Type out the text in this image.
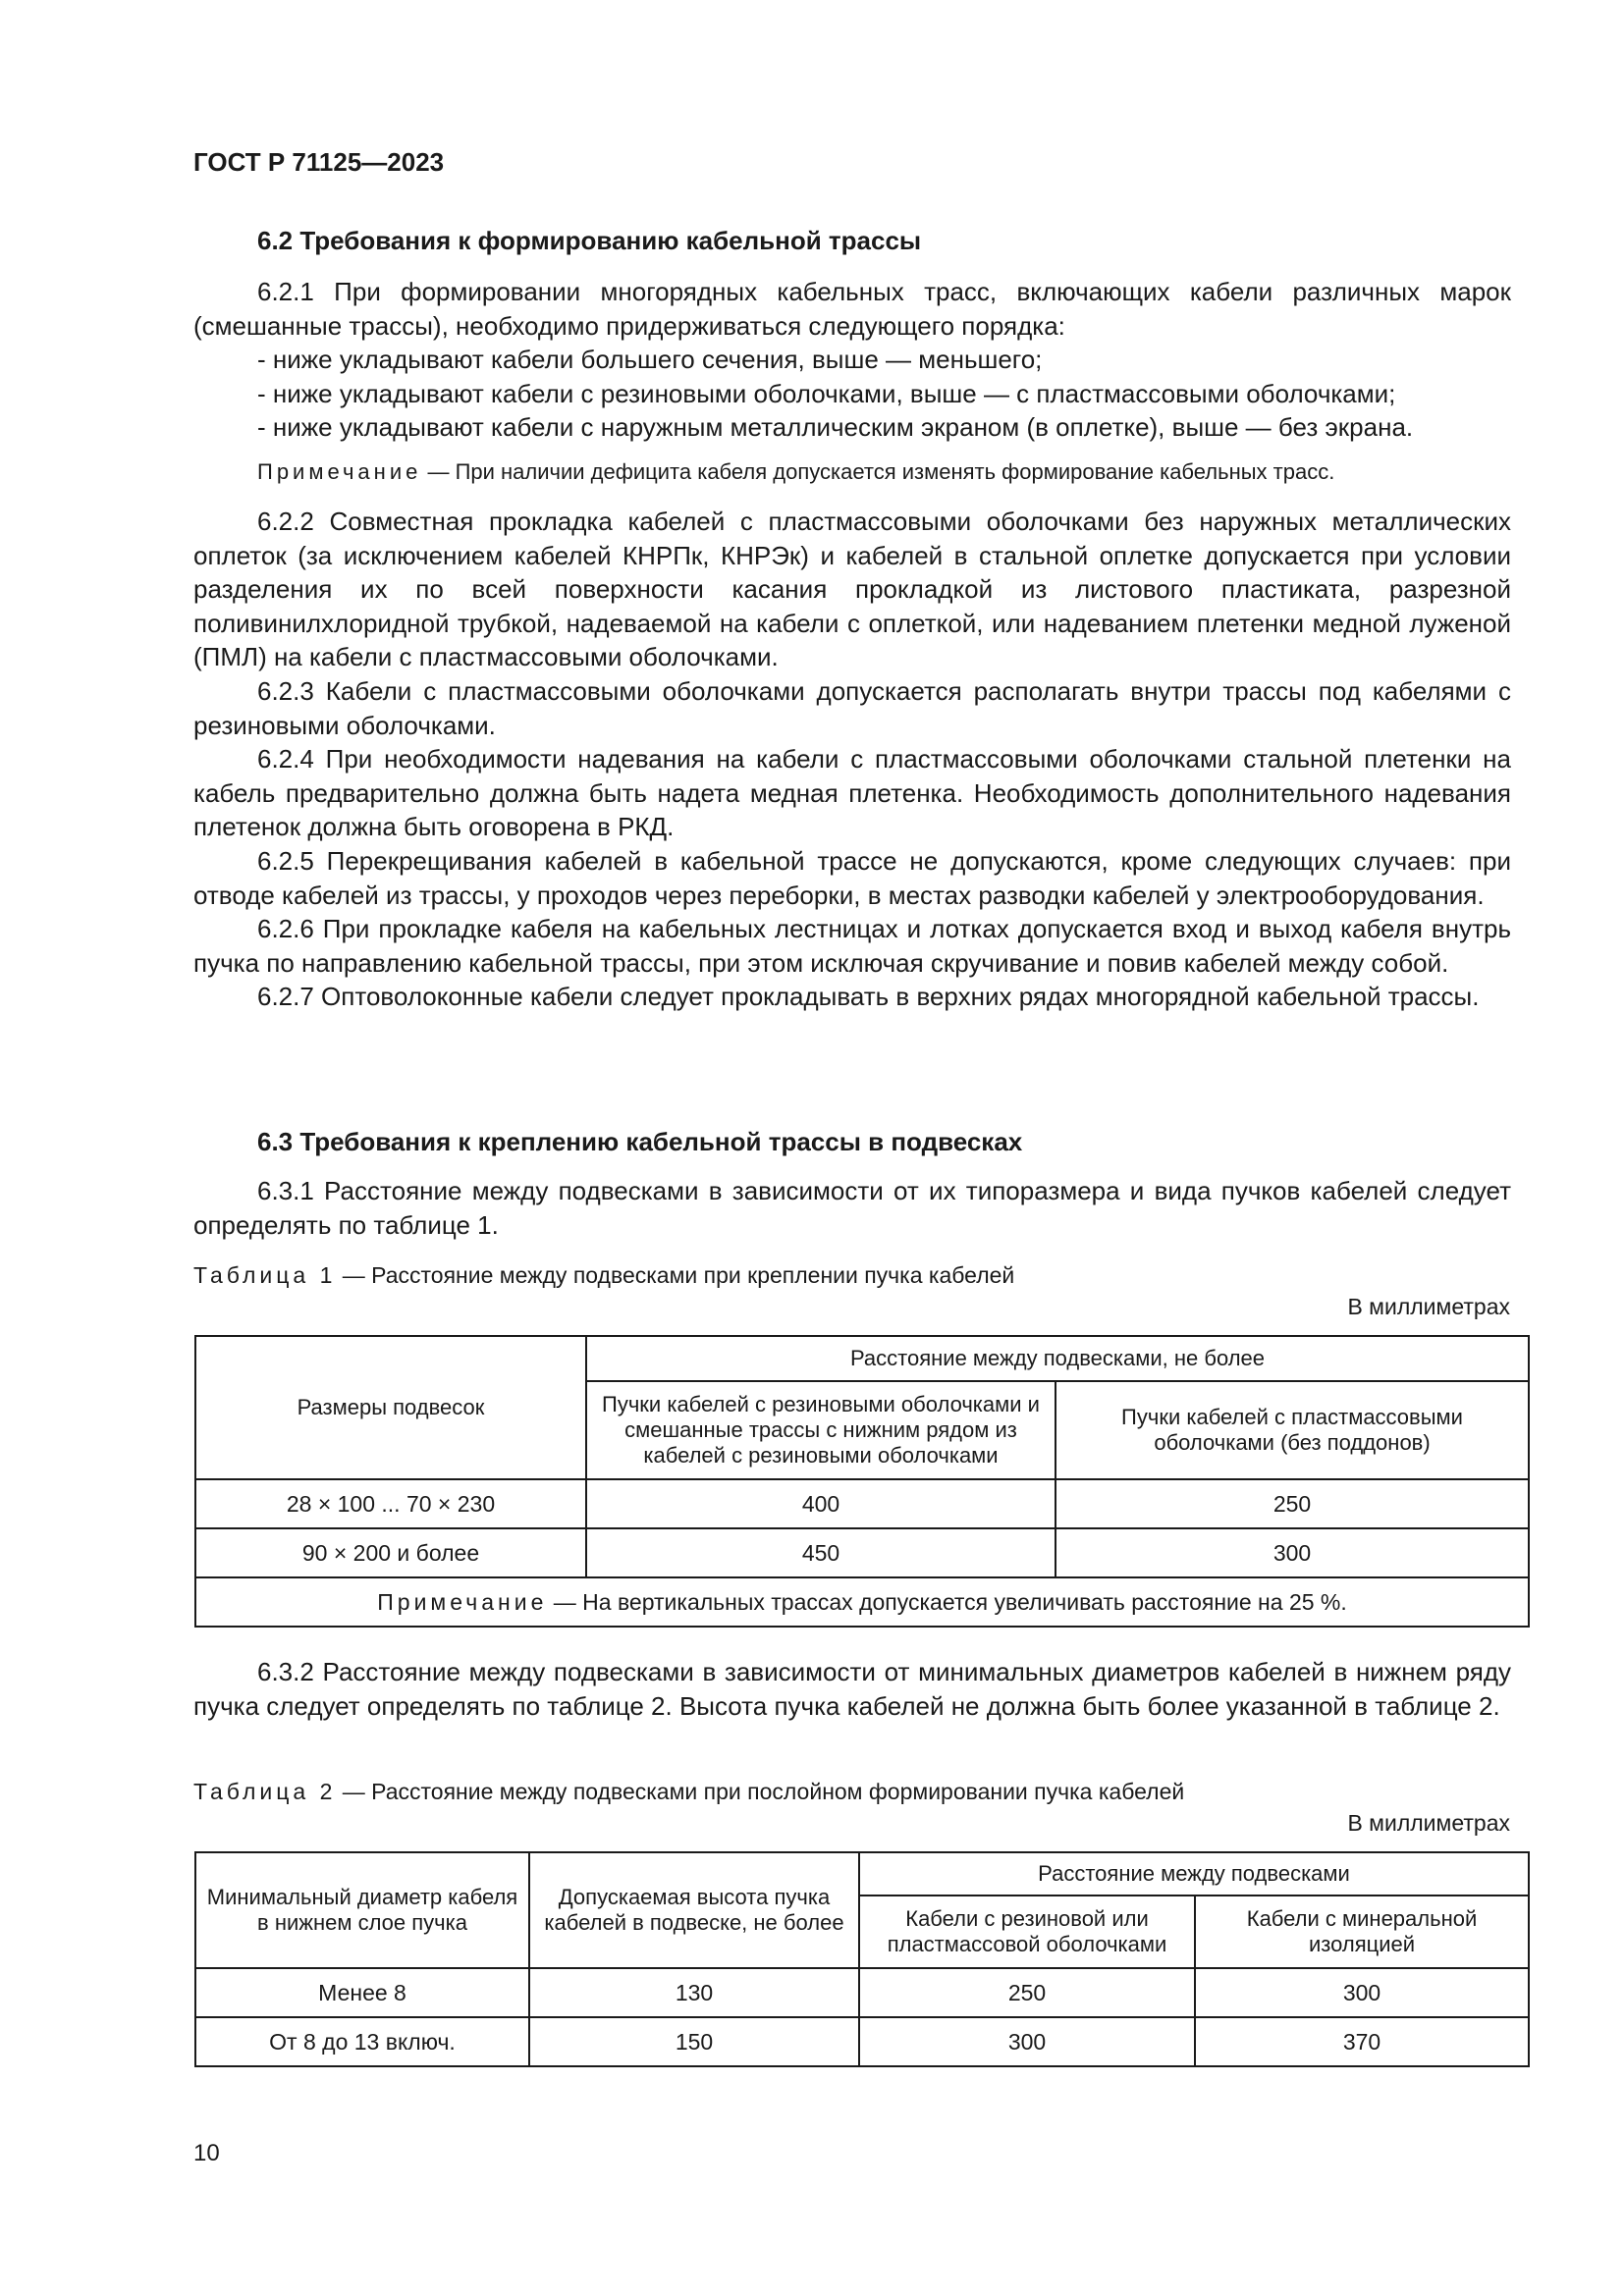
ГОСТ Р 71125—2023
6.2 Требования к формированию кабельной трассы

6.2.1 При формировании многорядных кабельных трасс, включающих кабели различных марок (смешанные трассы), необходимо придерживаться следующего порядка:

- ниже укладывают кабели большего сечения, выше — меньшего;

- ниже укладывают кабели с резиновыми оболочками, выше — с пластмассовыми оболочками;

- ниже укладывают кабели с наружным металлическим экраном (в оплетке), выше — без экрана.

Примечание — При наличии дефицита кабеля допускается изменять формирование кабельных трасс.

6.2.2 Совместная прокладка кабелей с пластмассовыми оболочками без наружных металлических оплеток (за исключением кабелей КНРПк, КНРЭк) и кабелей в стальной оплетке допускается при условии разделения их по всей поверхности касания прокладкой из листового пластиката, разрезной поливинилхлоридной трубкой, надеваемой на кабели с оплеткой, или надеванием плетенки медной луженой (ПМЛ) на кабели с пластмассовыми оболочками.

6.2.3 Кабели с пластмассовыми оболочками допускается располагать внутри трассы под кабелями с резиновыми оболочками.

6.2.4 При необходимости надевания на кабели с пластмассовыми оболочками стальной плетенки на кабель предварительно должна быть надета медная плетенка. Необходимость дополнительного надевания плетенок должна быть оговорена в РКД.

6.2.5 Перекрещивания кабелей в кабельной трассе не допускаются, кроме следующих случаев: при отводе кабелей из трассы, у проходов через переборки, в местах разводки кабелей у электрооборудования.

6.2.6 При прокладке кабеля на кабельных лестницах и лотках допускается вход и выход кабеля внутрь пучка по направлению кабельной трассы, при этом исключая скручивание и повив кабелей между собой.

6.2.7 Оптоволоконные кабели следует прокладывать в верхних рядах многорядной кабельной трассы.

6.3 Требования к креплению кабельной трассы в подвесках

6.3.1 Расстояние между подвесками в зависимости от их типоразмера и вида пучков кабелей следует определять по таблице 1.

Таблица 1 — Расстояние между подвесками при креплении пучка кабелей
В миллиметрах
Размеры подвесок	Расстояние между подвесками, не более	
	Пучки кабелей с резиновыми оболочками и смешанные трассы с нижним рядом из кабелей с резиновыми оболочками	Пучки кабелей с пластмассовыми оболочками (без поддонов)
28 × 100 ... 70 × 230	400	250
90 × 200 и более	450	300
Примечание — На вертикальных трассах допускается увеличивать расстояние на 25 %.		

6.3.2 Расстояние между подвесками в зависимости от минимальных диаметров кабелей в нижнем ряду пучка следует определять по таблице 2. Высота пучка кабелей не должна быть более указанной в таблице 2.

Таблица 2 — Расстояние между подвесками при послойном формировании пучка кабелей
В миллиметрах
Минимальный диаметр кабеля в нижнем слое пучка	Допускаемая высота пучка кабелей в подвеске, не более	Расстояние между подвесками	
		Кабели с резиновой или пластмассовой оболочками	Кабели с минеральной изоляцией
Менее 8	130	250	300
От 8 до 13 включ.	150	300	370
10
